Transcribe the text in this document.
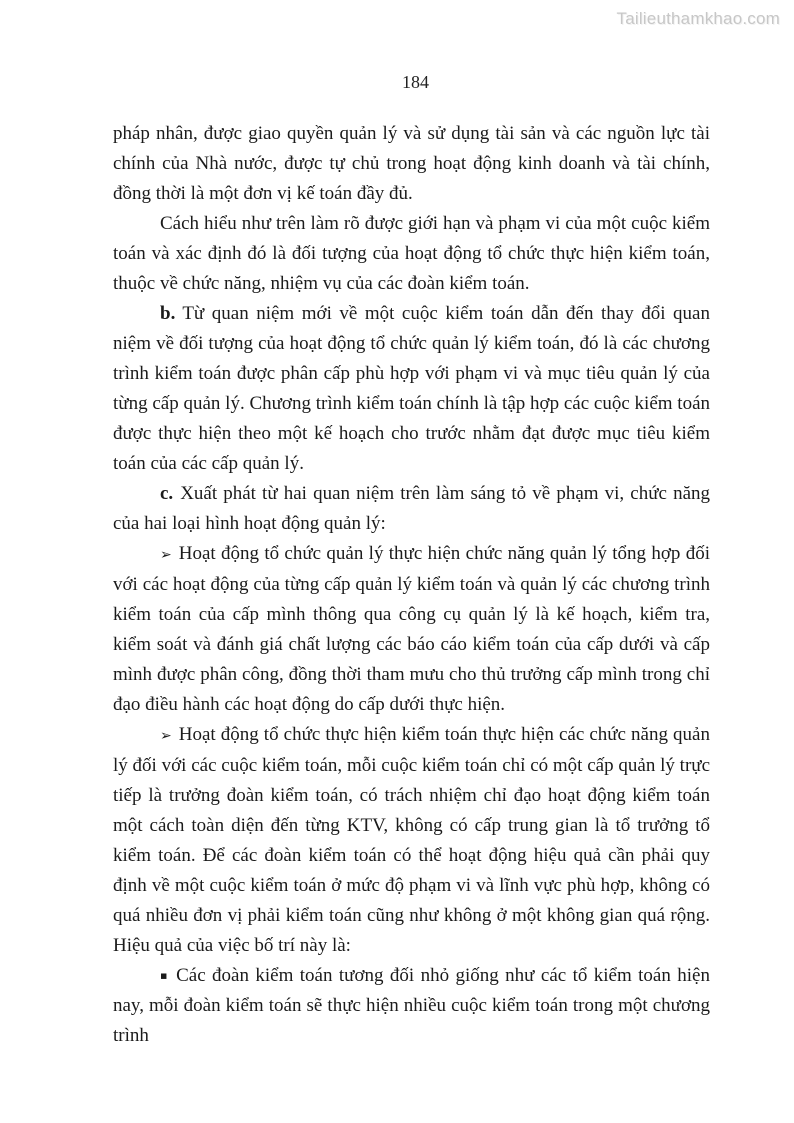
Tailieuthamkhao.com
184

pháp nhân, được giao quyền quản lý và sử dụng tài sản và các nguồn lực tài chính của Nhà nước, được tự chủ trong hoạt động kinh doanh và tài chính, đồng thời là một đơn vị kế toán đầy đủ.

Cách hiểu như trên làm rõ được giới hạn và phạm vi của một cuộc kiểm toán và xác định đó là đối tượng của hoạt động tổ chức thực hiện kiểm toán, thuộc về chức năng, nhiệm vụ của các đoàn kiểm toán.

b. Từ quan niệm mới về một cuộc kiểm toán dẫn đến thay đổi quan niệm về đối tượng của hoạt động tổ chức quản lý kiểm toán, đó là các chương trình kiểm toán được phân cấp phù hợp với phạm vi và mục tiêu quản lý của từng cấp quản lý. Chương trình kiểm toán chính là tập hợp các cuộc kiểm toán được thực hiện theo một kế hoạch cho trước nhằm đạt được mục tiêu kiểm toán của các cấp quản lý.

c. Xuất phát từ hai quan niệm trên làm sáng tỏ về phạm vi, chức năng của hai loại hình hoạt động quản lý:

➢ Hoạt động tổ chức quản lý thực hiện chức năng quản lý tổng hợp đối với các hoạt động của từng cấp quản lý kiểm toán và quản lý các chương trình kiểm toán của cấp mình thông qua công cụ quản lý là kế hoạch, kiểm tra, kiểm soát và đánh giá chất lượng các báo cáo kiểm toán của cấp dưới và cấp mình được phân công, đồng thời tham mưu cho thủ trưởng cấp mình trong chỉ đạo điều hành các hoạt động do cấp dưới thực hiện.

➢ Hoạt động tổ chức thực hiện kiểm toán thực hiện các chức năng quản lý đối với các cuộc kiểm toán, mỗi cuộc kiểm toán chỉ có một cấp quản lý trực tiếp là trưởng đoàn kiểm toán, có trách nhiệm chỉ đạo hoạt động kiểm toán một cách toàn diện đến từng KTV, không có cấp trung gian là tổ trưởng tổ kiểm toán. Để các đoàn kiểm toán có thể hoạt động hiệu quả cần phải quy định về một cuộc kiểm toán ở mức độ phạm vi và lĩnh vực phù hợp, không có quá nhiều đơn vị phải kiểm toán cũng như không ở một không gian quá rộng. Hiệu quả của việc bố trí này là:

▪ Các đoàn kiểm toán tương đối nhỏ giống như các tổ kiểm toán hiện nay, mỗi đoàn kiểm toán sẽ thực hiện nhiều cuộc kiểm toán trong một chương trình
